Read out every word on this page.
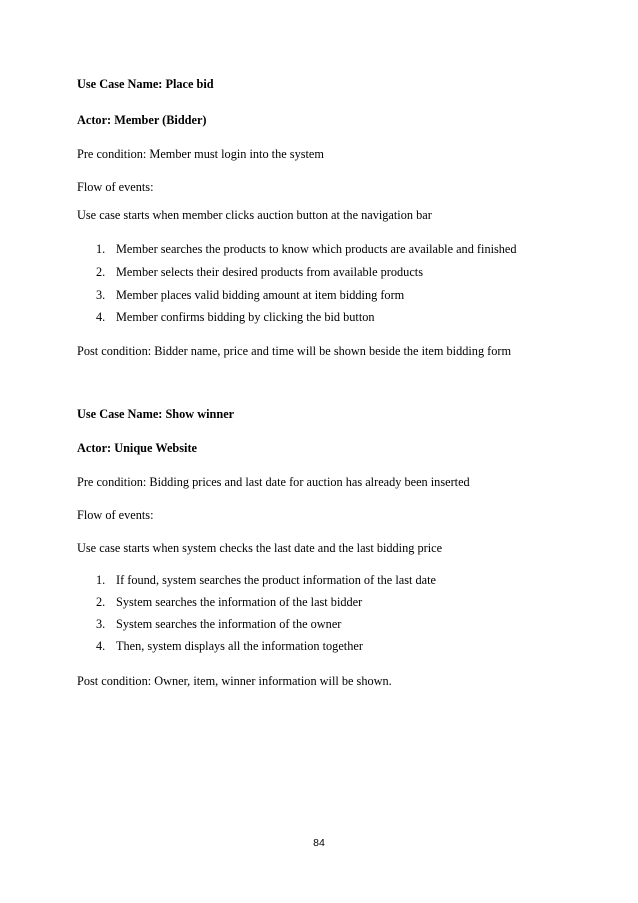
Use Case Name: Place bid
Actor: Member (Bidder)
Pre condition: Member must login into the system
Flow of events:
Use case starts when member clicks auction button at the navigation bar
1. Member searches the products to know which products are available and finished
2. Member selects their desired products from available products
3. Member places valid bidding amount at item bidding form
4. Member confirms bidding by clicking the bid button
Post condition: Bidder name, price and time will be shown beside the item bidding form
Use Case Name: Show winner
Actor: Unique Website
Pre condition: Bidding prices and last date for auction has already been inserted
Flow of events:
Use case starts when system checks the last date and the last bidding price
1. If found, system searches the product information of the last date
2. System searches the information of the last bidder
3. System searches the information of the owner
4. Then, system displays all the information together
Post condition: Owner, item, winner information will be shown.
84
